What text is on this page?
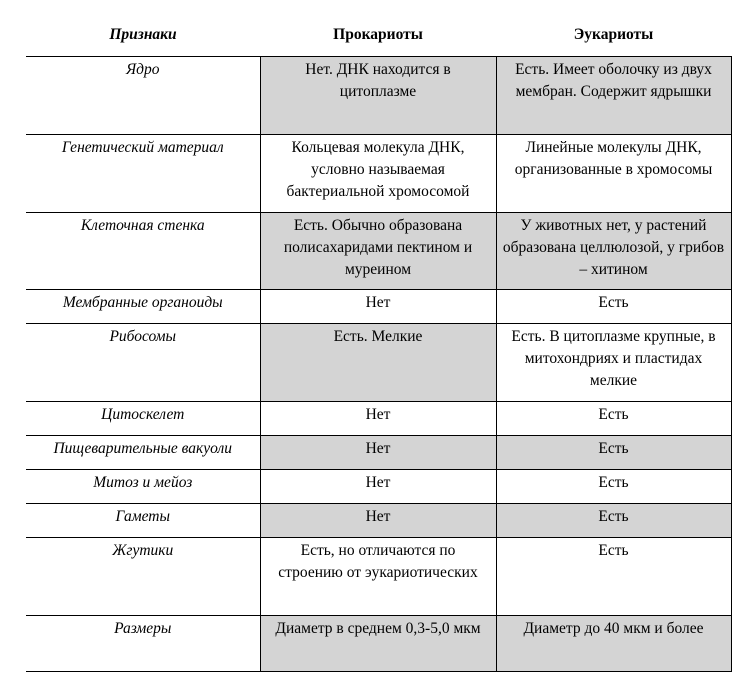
Признаки	Прокариоты	Эукариоты
Ядро	Нет. ДНК находится в цитоплазме	Есть. Имеет оболочку из двух мембран. Содержит ядрышки
Генетический материал	Кольцевая молекула ДНК, условно называемая бактериальной хромосомой	Линейные молекулы ДНК, организованные в хромосомы
Клеточная стенка	Есть. Обычно образована полисахаридами пектином и муреином	У животных нет, у растений образована целлюлозой, у грибов – хитином
Мембранные органоиды	Нет	Есть
Рибосомы	Есть. Мелкие	Есть. В цитоплазме крупные, в митохондриях и пластидах мелкие
Цитоскелет	Нет	Есть
Пищеварительные вакуоли	Нет	Есть
Митоз и мейоз	Нет	Есть
Гаметы	Нет	Есть
Жгутики	Есть, но отличаются по строению от эукариотических	Есть
Размеры	Диаметр в среднем 0,3-5,0 мкм	Диаметр до 40 мкм и более
